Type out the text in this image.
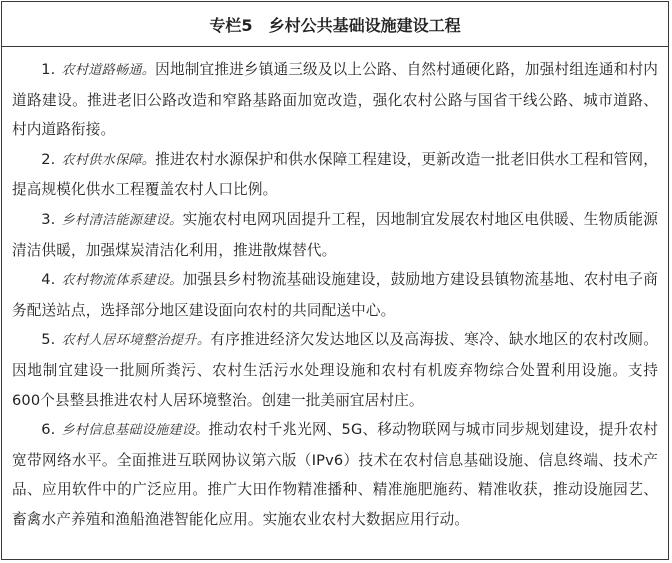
专栏5 乡村公共基础设施建设工程

1. 农村道路畅通。因地制宜推进乡镇通三级及以上公路、自然村通硬化路，加强村组连通和村内道路建设。推进老旧公路改造和窄路基路面加宽改造，强化农村公路与国省干线公路、城市道路、村内道路衔接。

2. 农村供水保障。推进农村水源保护和供水保障工程建设，更新改造一批老旧供水工程和管网，提高规模化供水工程覆盖农村人口比例。

3. 乡村清洁能源建设。实施农村电网巩固提升工程，因地制宜发展农村地区电供暖、生物质能源清洁供暖，加强煤炭清洁化利用，推进散煤替代。

4. 农村物流体系建设。加强县乡村物流基础设施建设，鼓励地方建设县镇物流基地、农村电子商务配送站点，选择部分地区建设面向农村的共同配送中心。

5. 农村人居环境整治提升。有序推进经济欠发达地区以及高海拔、寒冷、缺水地区的农村改厕。因地制宜建设一批厕所粪污、农村生活污水处理设施和农村有机废弃物综合处置利用设施。支持600个县整县推进农村人居环境整治。创建一批美丽宜居村庄。

6. 乡村信息基础设施建设。推动农村千兆光网、5G、移动物联网与城市同步规划建设，提升农村宽带网络水平。全面推进互联网协议第六版（IPv6）技术在农村信息基础设施、信息终端、技术产品、应用软件中的广泛应用。推广大田作物精准播种、精准施肥施药、精准收获，推动设施园艺、畜禽水产养殖和渔船渔港智能化应用。实施农业农村大数据应用行动。
